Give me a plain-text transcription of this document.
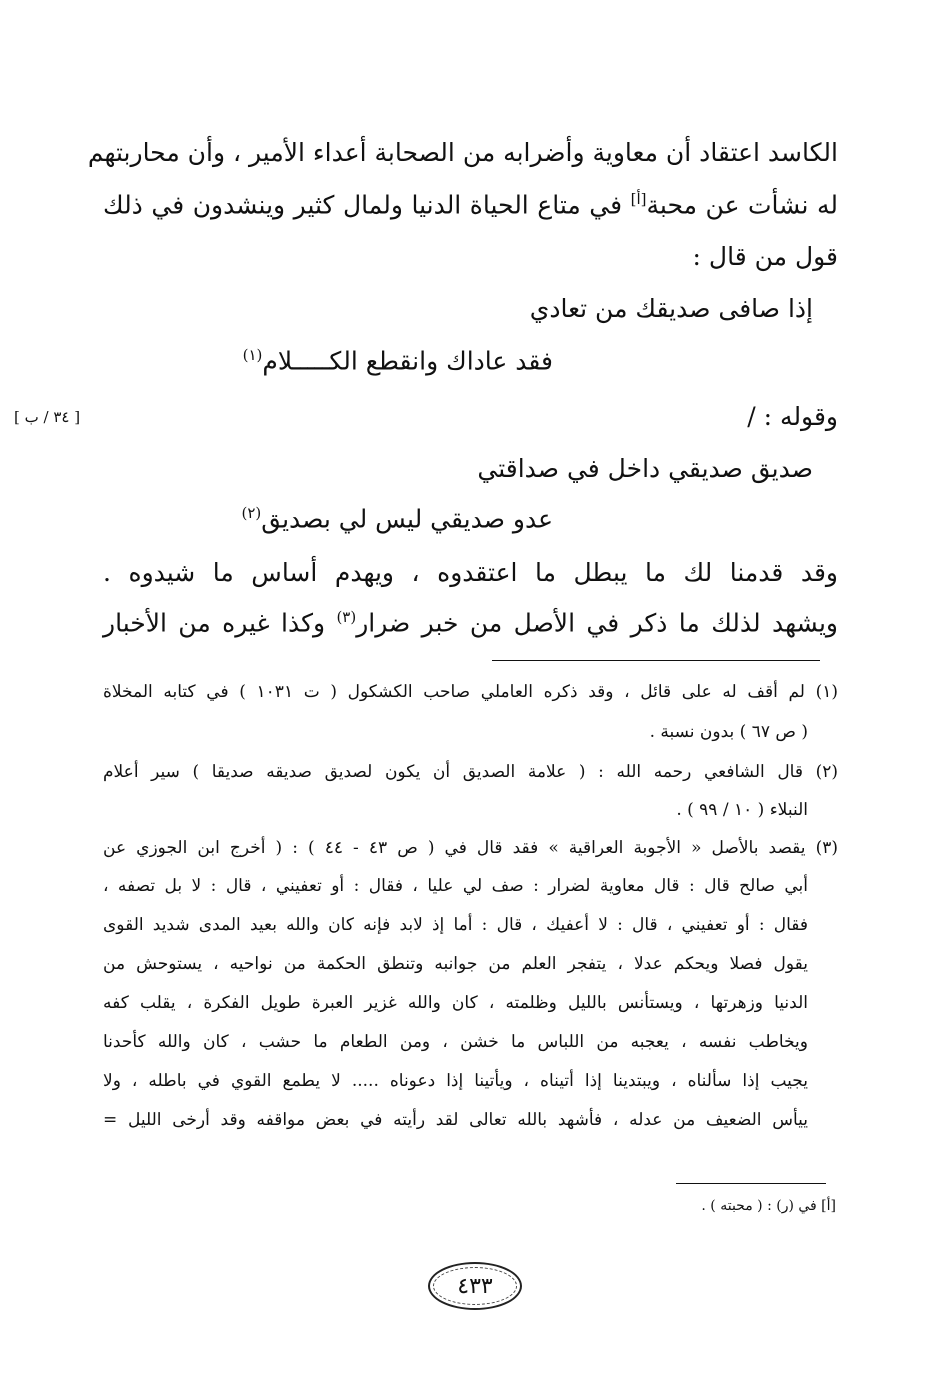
الكاسد اعتقاد أن معاوية وأضرابه من الصحابة أعداء الأمير ، وأن محاربتهم
له نشأت عن محبة[أ] في متاع الحياة الدنيا ولمال كثير وينشدون في ذلك
قول من قال :
إذا صافى صديقك من تعادي
فقد عاداك وانقطع الكـــــلام$^{(١)}$
[ ٣٤ / ب ]	وقوله : /
صديق صديقي داخل في صداقتي
عدو صديقي ليس لي بصديق$^{(٢)}$
وقد قدمنا لك ما يبطل ما اعتقدوه ، ويهدم أساس ما شيدوه .
ويشهد لذلك ما ذكر في الأصل من خبر ضرار$^{(٣)}$ وكذا غيره من الأخبار
(١) لم أقف له على قائل ، وقد ذكره العاملي صاحب الكشكول ( ت ١٠٣١ ) في كتابه المخلاة
( ص ٦٧ ) بدون نسبة .
(٢) قال الشافعي رحمه الله : ( علامة الصديق أن يكون لصديق صديقه صديقا ) سير أعلام
النبلاء ( ١٠ / ٩٩ ) .
(٣) يقصد بالأصل « الأجوبة العراقية » فقد قال في ( ص ٤٣ - ٤٤ ) : ( أخرج ابن الجوزي عن
أبي صالح قال : قال معاوية لضرار : صف لي عليا ، فقال : أو تعفيني ، قال : لا بل تصفه ،
فقال : أو تعفيني ، قال : لا أعفيك ، قال : أما إذ لابد فإنه كان والله بعيد المدى شديد القوى
يقول فصلا ويحكم عدلا ، يتفجر العلم من جوانبه وتنطق الحكمة من نواحيه ، يستوحش من
الدنيا وزهرتها ، ويستأنس بالليل وظلمته ، كان والله غزير العبرة طويل الفكرة ، يقلب كفه
ويخاطب نفسه ، يعجبه من اللباس ما خشن ، ومن الطعام ما حشب ، كان والله كأحدنا
يجيب إذا سألناه ، ويبتدينا إذا أتيناه ، ويأتينا إذا دعوناه ..... لا يطمع القوي في باطله ، ولا
ييأس الضعيف من عدله ، فأشهد بالله تعالى لقد رأيته في بعض مواقفه وقد أرخى الليل =
[أ] في (ر) : ( محبته ) .
٤٣٣
